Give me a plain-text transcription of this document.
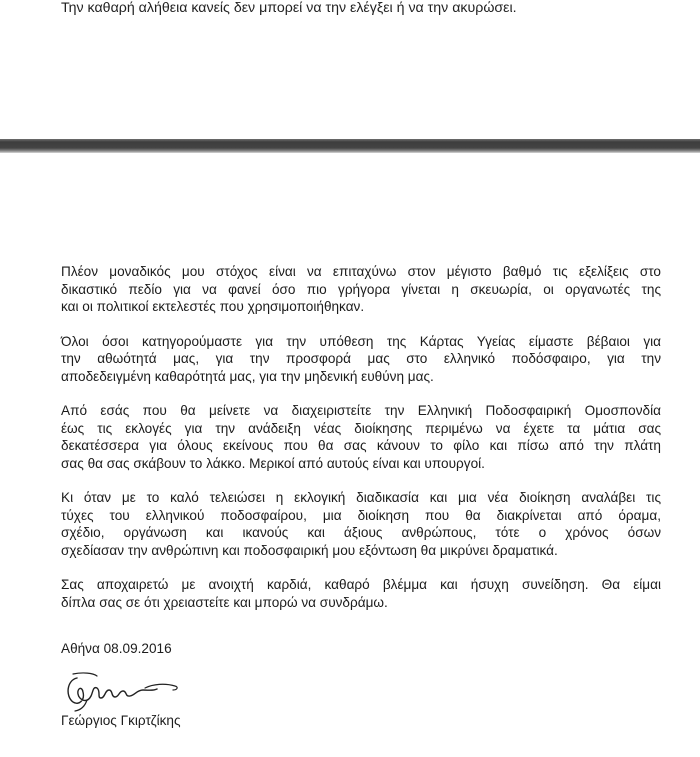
Την καθαρή αλήθεια κανείς δεν μπορεί να την ελέγξει ή να την ακυρώσει.

Πλέον μοναδικός μου στόχος είναι να επιταχύνω στον μέγιστο βαθμό τις εξελίξεις στο
δικαστικό πεδίο για να φανεί όσο πιο γρήγορα γίνεται η σκευωρία, οι οργανωτές της
και οι πολιτικοί εκτελεστές που χρησιμοποιήθηκαν.

Όλοι όσοι κατηγορούμαστε για την υπόθεση της Κάρτας Υγείας είμαστε βέβαιοι για
την αθωότητά μας, για την προσφορά μας στο ελληνικό ποδόσφαιρο, για την
αποδεδειγμένη καθαρότητά μας, για την μηδενική ευθύνη μας.

Από εσάς που θα μείνετε να διαχειριστείτε την Ελληνική Ποδοσφαιρική Ομοσπονδία
έως τις εκλογές για την ανάδειξη νέας διοίκησης περιμένω να έχετε τα μάτια σας
δεκατέσσερα για όλους εκείνους που θα σας κάνουν το φίλο και πίσω από την πλάτη
σας θα σας σκάβουν το λάκκο. Μερικοί από αυτούς είναι και υπουργοί.

Κι όταν με το καλό τελειώσει η εκλογική διαδικασία και μια νέα διοίκηση αναλάβει τις
τύχες του ελληνικού ποδοσφαίρου, μια διοίκηση που θα διακρίνεται από όραμα,
σχέδιο, οργάνωση και ικανούς και άξιους ανθρώπους, τότε ο χρόνος όσων
σχεδίασαν την ανθρώπινη και ποδοσφαιρική μου εξόντωση θα μικρύνει δραματικά.

Σας αποχαιρετώ με ανοιχτή καρδιά, καθαρό βλέμμα και ήσυχη συνείδηση. Θα είμαι
δίπλα σας σε ότι χρειαστείτε και μπορώ να συνδράμω.

Αθήνα 08.09.2016
Γεώργιος Γκιρτζίκης
